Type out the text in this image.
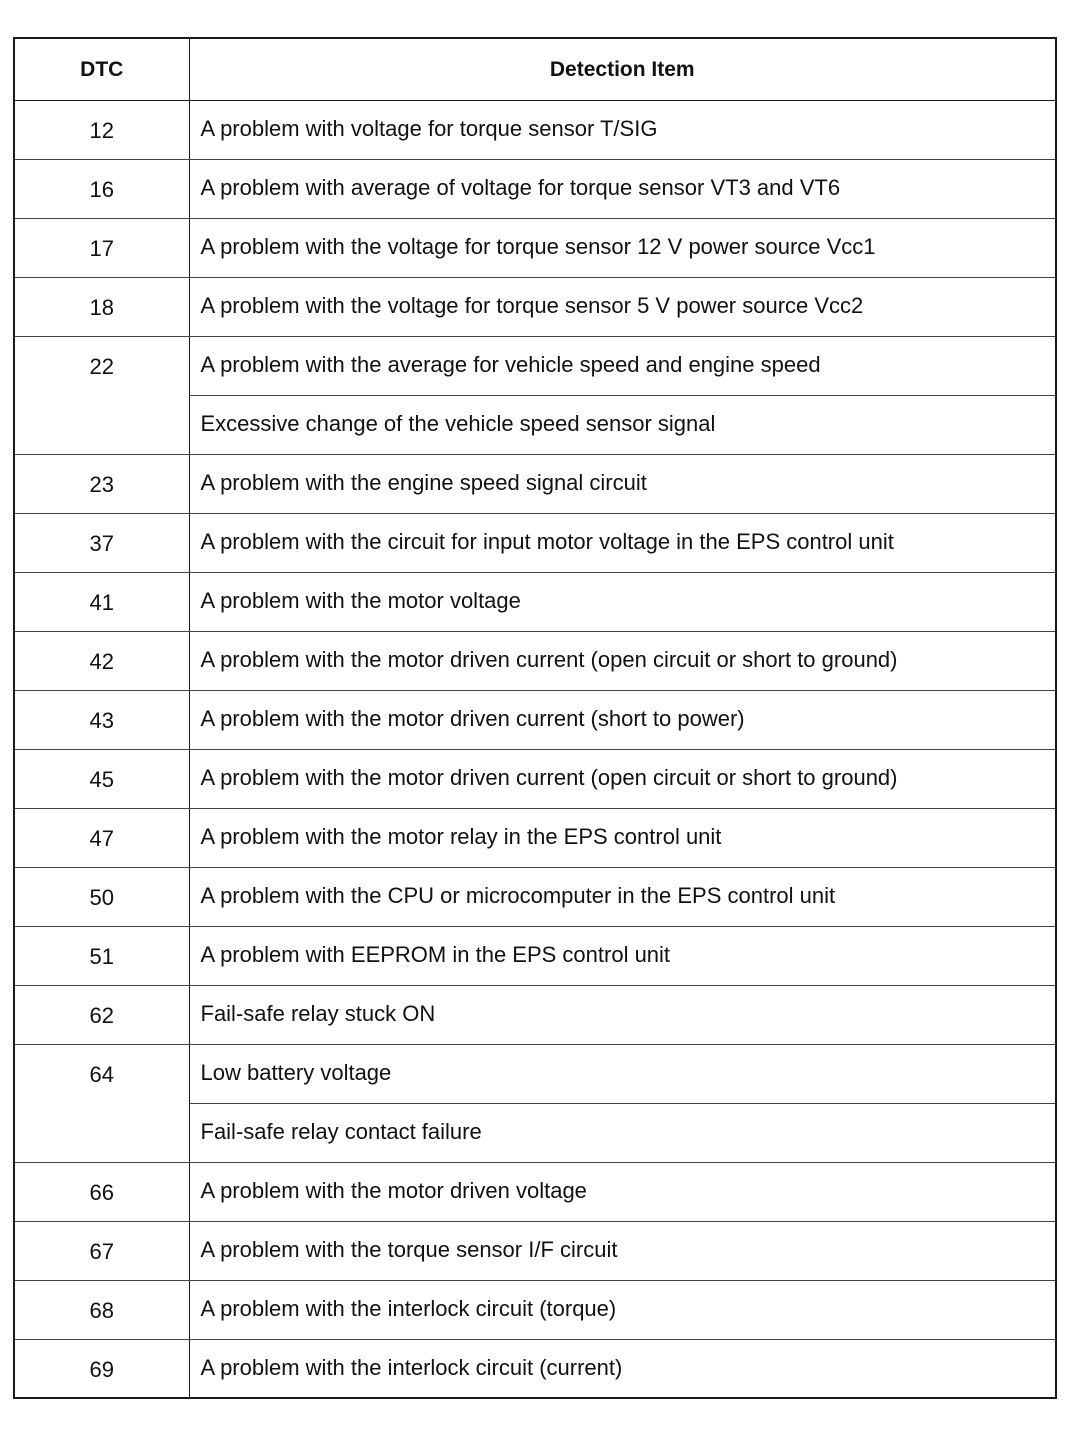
DTC	Detection Item
12	A problem with voltage for torque sensor T/SIG
16	A problem with average of voltage for torque sensor VT3 and VT6
17	A problem with the voltage for torque sensor 12 V power source Vcc1
18	A problem with the voltage for torque sensor 5 V power source Vcc2
22	A problem with the average for vehicle speed and engine speed
	Excessive change of the vehicle speed sensor signal
23	A problem with the engine speed signal circuit
37	A problem with the circuit for input motor voltage in the EPS control unit
41	A problem with the motor voltage
42	A problem with the motor driven current (open circuit or short to ground)
43	A problem with the motor driven current (short to power)
45	A problem with the motor driven current (open circuit or short to ground)
47	A problem with the motor relay in the EPS control unit
50	A problem with the CPU or microcomputer in the EPS control unit
51	A problem with EEPROM in the EPS control unit
62	Fail-safe relay stuck ON
64	Low battery voltage
	Fail-safe relay contact failure
66	A problem with the motor driven voltage
67	A problem with the torque sensor I/F circuit
68	A problem with the interlock circuit (torque)
69	A problem with the interlock circuit (current)
